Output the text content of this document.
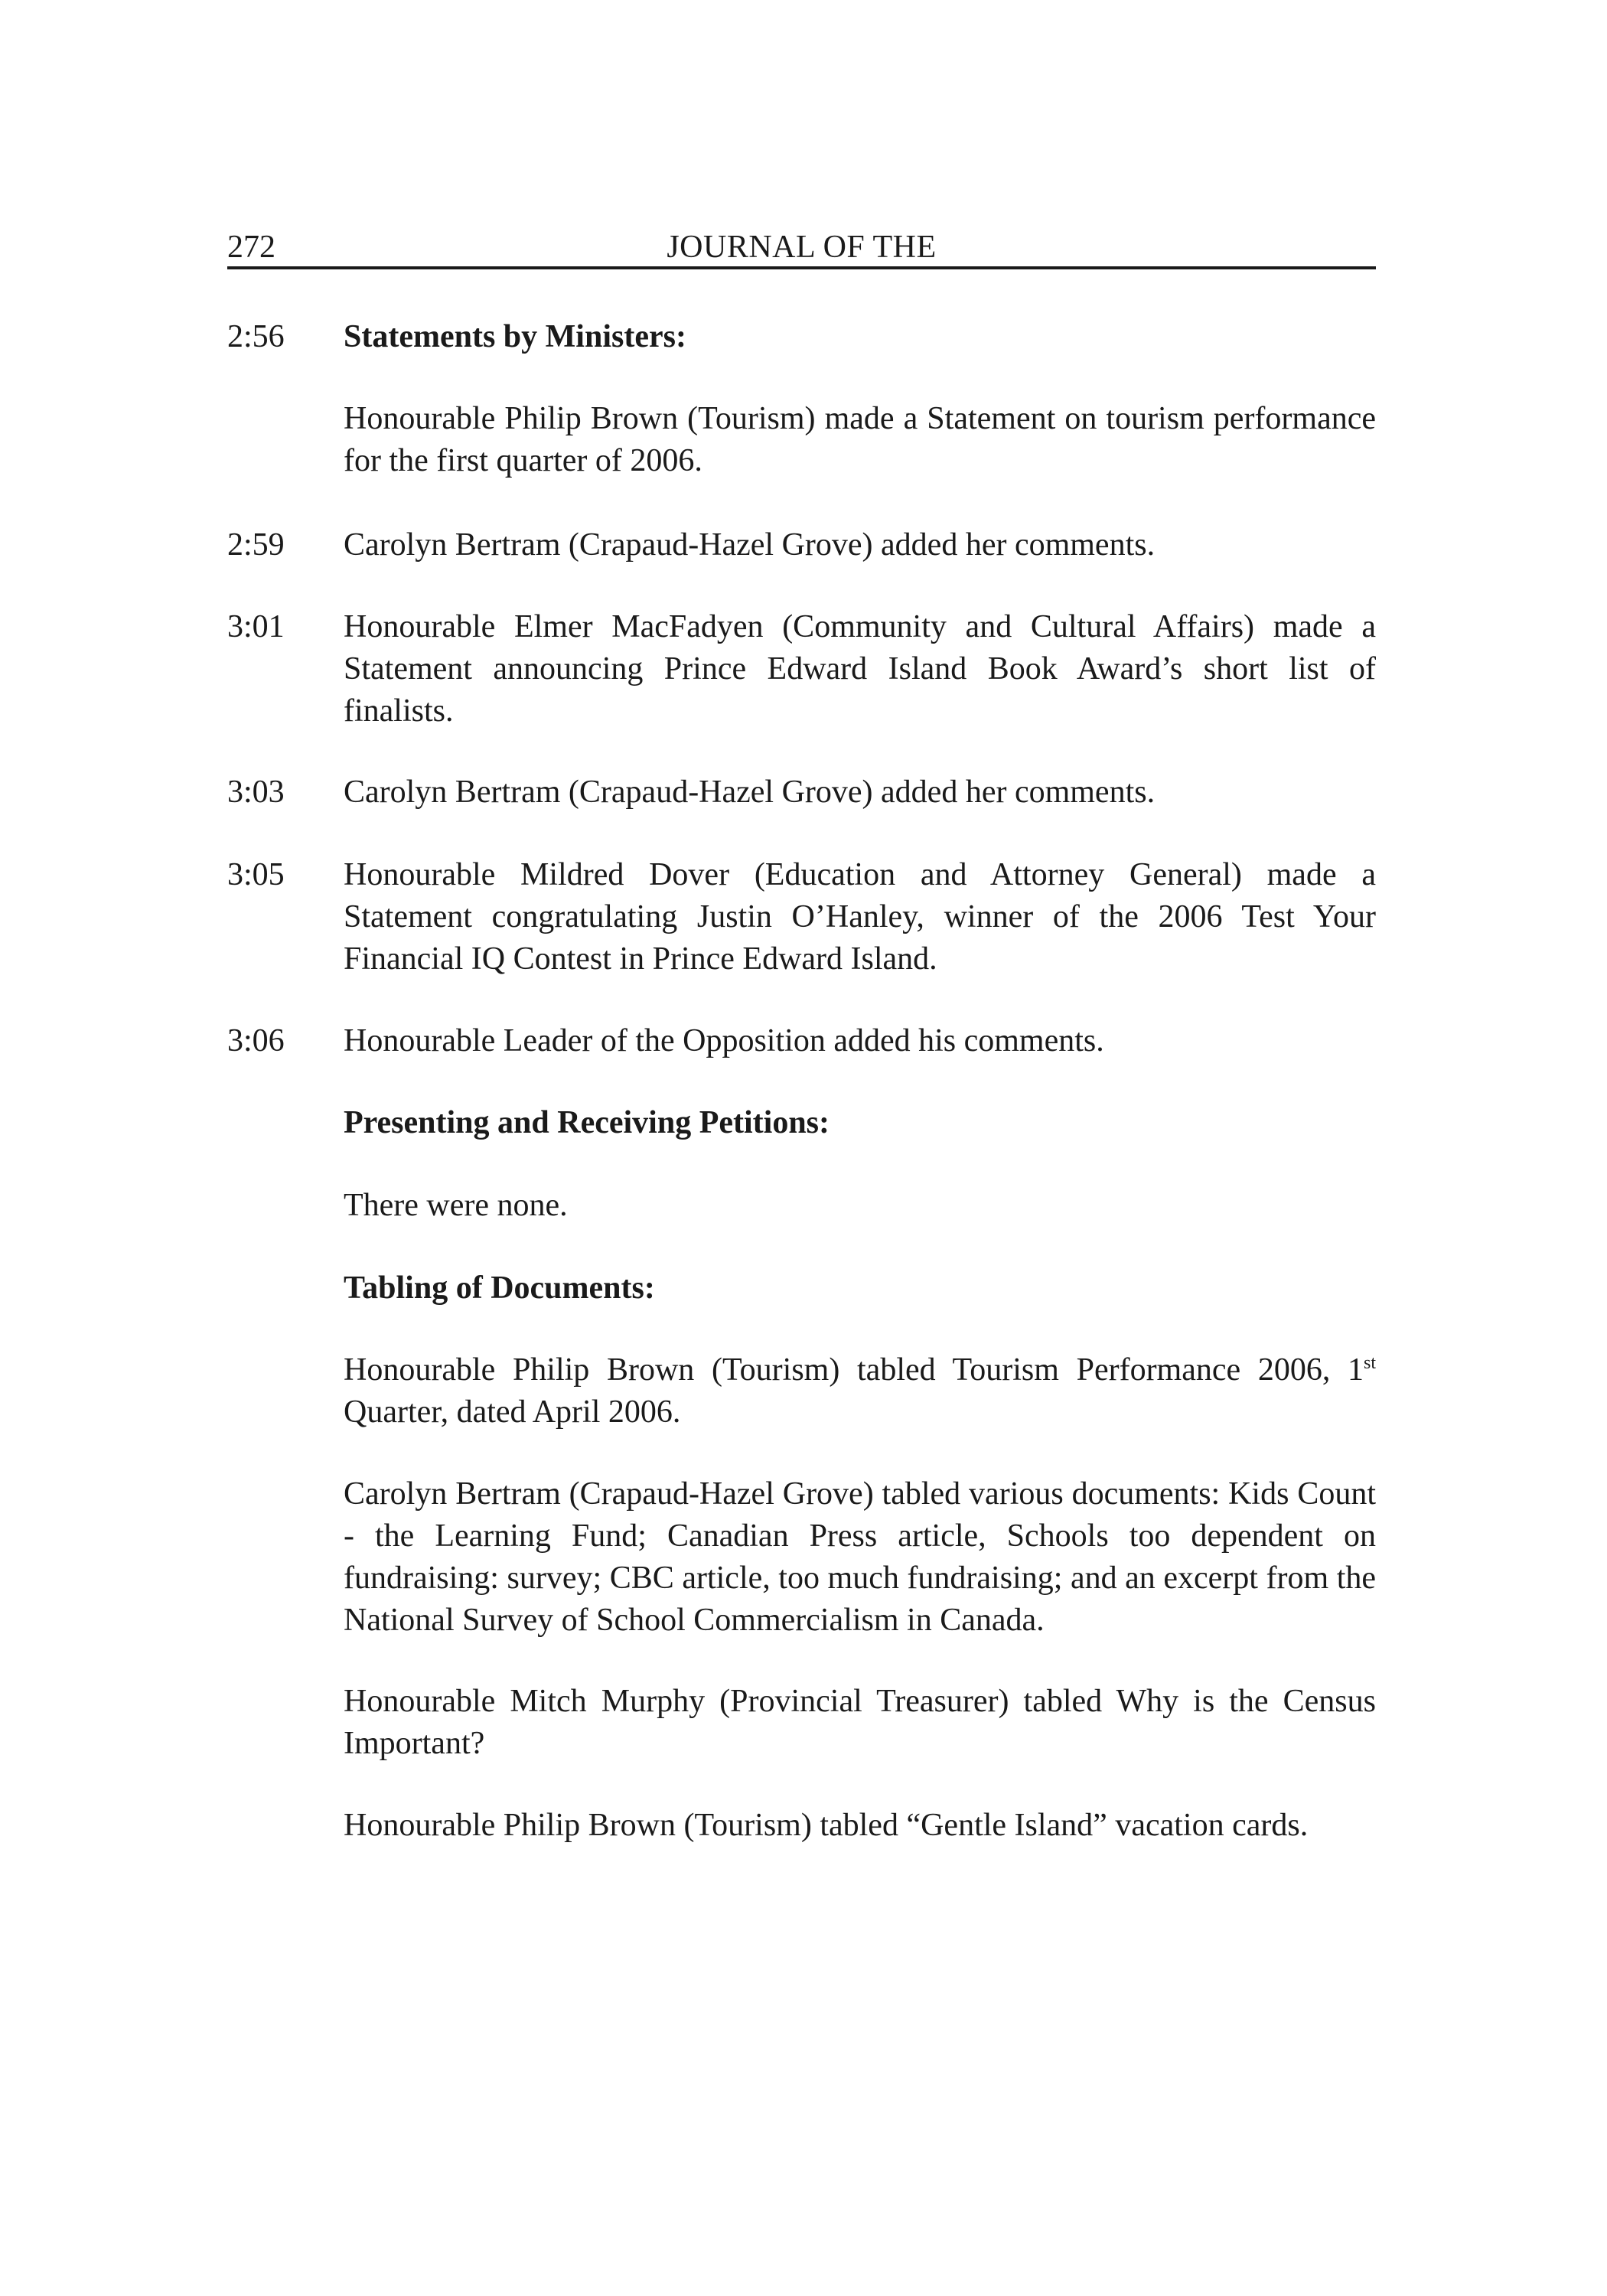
272	JOURNAL OF THE
2:56 Statements by Ministers:
Honourable Philip Brown (Tourism) made a Statement on tourism performance for the first quarter of 2006.
2:59 Carolyn Bertram (Crapaud-Hazel Grove) added her comments.
3:01 Honourable Elmer MacFadyen (Community and Cultural Affairs) made a Statement announcing Prince Edward Island Book Award’s short list of finalists.
3:03 Carolyn Bertram (Crapaud-Hazel Grove) added her comments.
3:05 Honourable Mildred Dover (Education and Attorney General) made a Statement congratulating Justin O’Hanley, winner of the 2006 Test Your Financial IQ Contest in Prince Edward Island.
3:06 Honourable Leader of the Opposition added his comments.
Presenting and Receiving Petitions:
There were none.
Tabling of Documents:
Honourable Philip Brown (Tourism) tabled Tourism Performance 2006, 1st Quarter, dated April 2006.
Carolyn Bertram (Crapaud-Hazel Grove) tabled various documents: Kids Count - the Learning Fund; Canadian Press article, Schools too dependent on fundraising: survey; CBC article, too much fundraising; and an excerpt from the National Survey of School Commercialism in Canada.
Honourable Mitch Murphy (Provincial Treasurer) tabled Why is the Census Important?
Honourable Philip Brown (Tourism) tabled “Gentle Island” vacation cards.
